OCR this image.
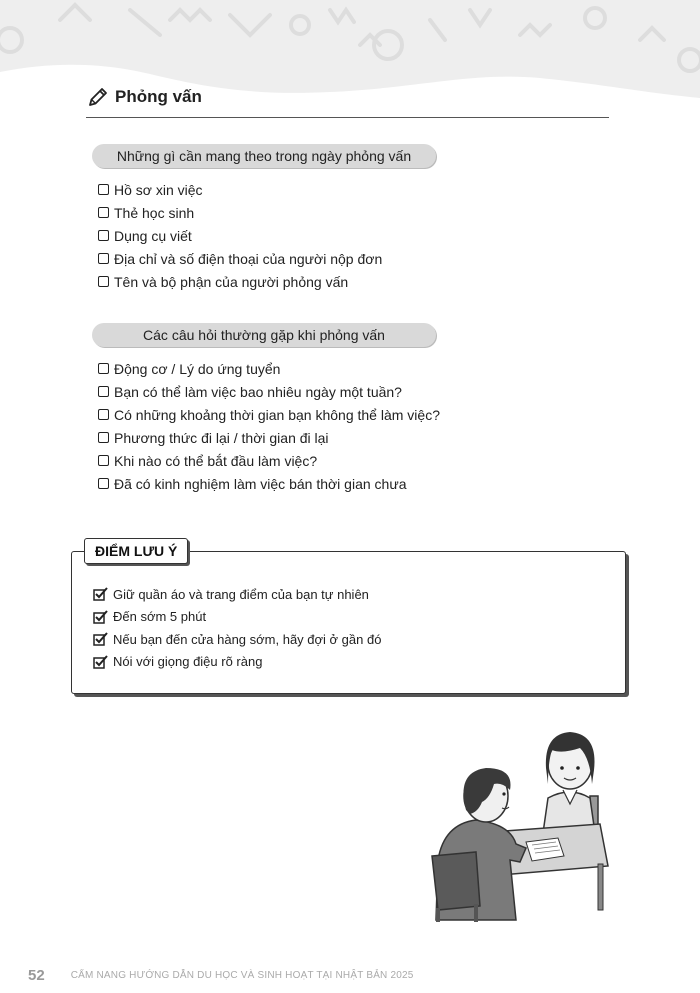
Phỏng vấn
Những gì cần mang theo trong ngày phỏng vấn
Hồ sơ xin việc
Thẻ học sinh
Dụng cụ viết
Địa chỉ và số điện thoại của người nộp đơn
Tên và bộ phận của người phỏng vấn
Các câu hỏi thường gặp khi phỏng vấn
Động cơ / Lý do ứng tuyển
Bạn có thể làm việc bao nhiêu ngày một tuần?
Có những khoảng thời gian bạn không thể làm việc?
Phương thức đi lại / thời gian đi lại
Khi nào có thể bắt đầu làm việc?
Đã có kinh nghiệm làm việc bán thời gian chưa
ĐIỂM LƯU Ý
Giữ quần áo và trang điểm của bạn tự nhiên
Đến sớm 5 phút
Nếu bạn đến cửa hàng sớm, hãy đợi ở gần đó
Nói với giọng điệu rõ ràng
52	CẨM NANG HƯỚNG DẪN DU HỌC VÀ SINH HOẠT TẠI NHẬT BẢN 2025
